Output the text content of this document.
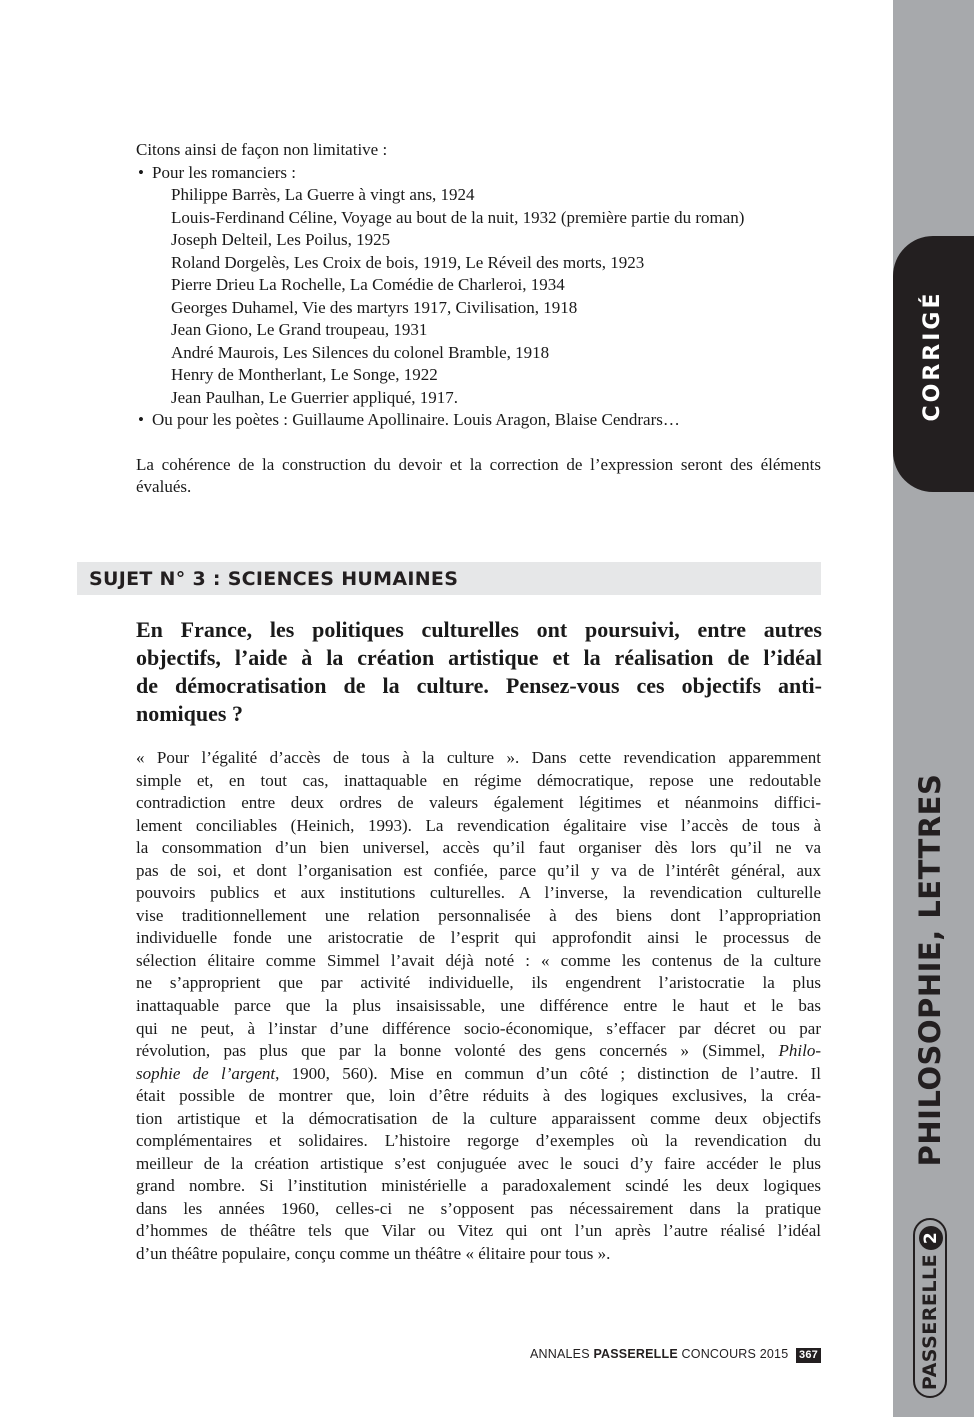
CORRIGÉ
PHILOSOPHIE, LETTRES
PASSERELLE2

Citons ainsi de façon non limitative :

• Pour les romanciers :

Philippe Barrès, La Guerre à vingt ans, 1924

Louis-Ferdinand Céline, Voyage au bout de la nuit, 1932 (première partie du roman)

Joseph Delteil, Les Poilus, 1925

Roland Dorgelès, Les Croix de bois, 1919, Le Réveil des morts, 1923

Pierre Drieu La Rochelle, La Comédie de Charleroi, 1934

Georges Duhamel, Vie des martyrs 1917, Civilisation, 1918

Jean Giono, Le Grand troupeau, 1931

André Maurois, Les Silences du colonel Bramble, 1918

Henry de Montherlant, Le Songe, 1922

Jean Paulhan, Le Guerrier appliqué, 1917.

• Ou pour les poètes : Guillaume Apollinaire. Louis Aragon, Blaise Cendrars…

La cohérence de la construction du devoir et la correction de l’expression seront des éléments évalués.

SUJET N° 3 : SCIENCES HUMAINES
En France, les politiques culturelles ont poursuivi, entre autres
objectifs, l’aide à la création artistique et la réalisation de l’idéal
de démocratisation de la culture. Pensez-vous ces objectifs anti-
nomiques ?
« Pour l’égalité d’accès de tous à la culture ». Dans cette revendication apparemment
simple et, en tout cas, inattaquable en régime démocratique, repose une redoutable
contradiction entre deux ordres de valeurs également légitimes et néanmoins diffici-
lement conciliables (Heinich, 1993). La revendication égalitaire vise l’accès de tous à
la consommation d’un bien universel, accès qu’il faut organiser dès lors qu’il ne va
pas de soi, et dont l’organisation est confiée, parce qu’il y va de l’intérêt général, aux
pouvoirs publics et aux institutions culturelles. A l’inverse, la revendication culturelle
vise traditionnellement une relation personnalisée à des biens dont l’appropriation
individuelle fonde une aristocratie de l’esprit qui approfondit ainsi le processus de
sélection élitaire comme Simmel l’avait déjà noté : « comme les contenus de la culture
ne s’approprient que par activité individuelle, ils engendrent l’aristocratie la plus
inattaquable parce que la plus insaisissable, une différence entre le haut et le bas
qui ne peut, à l’instar d’une différence socio-économique, s’effacer par décret ou par
révolution, pas plus que par la bonne volonté des gens concernés » (Simmel, Philo-
sophie de l’argent, 1900, 560). Mise en commun d’un côté ; distinction de l’autre. Il
était possible de montrer que, loin d’être réduits à des logiques exclusives, la créa-
tion artistique et la démocratisation de la culture apparaissent comme deux objectifs
complémentaires et solidaires. L’histoire regorge d’exemples où la revendication du
meilleur de la création artistique s’est conjuguée avec le souci d’y faire accéder le plus
grand nombre. Si l’institution ministérielle a paradoxalement scindé les deux logiques
dans les années 1960, celles-ci ne s’opposent pas nécessairement dans la pratique
d’hommes de théâtre tels que Vilar ou Vitez qui ont l’un après l’autre réalisé l’idéal
d’un théâtre populaire, conçu comme un théâtre « élitaire pour tous ».
ANNALES PASSERELLE CONCOURS 2015 367
